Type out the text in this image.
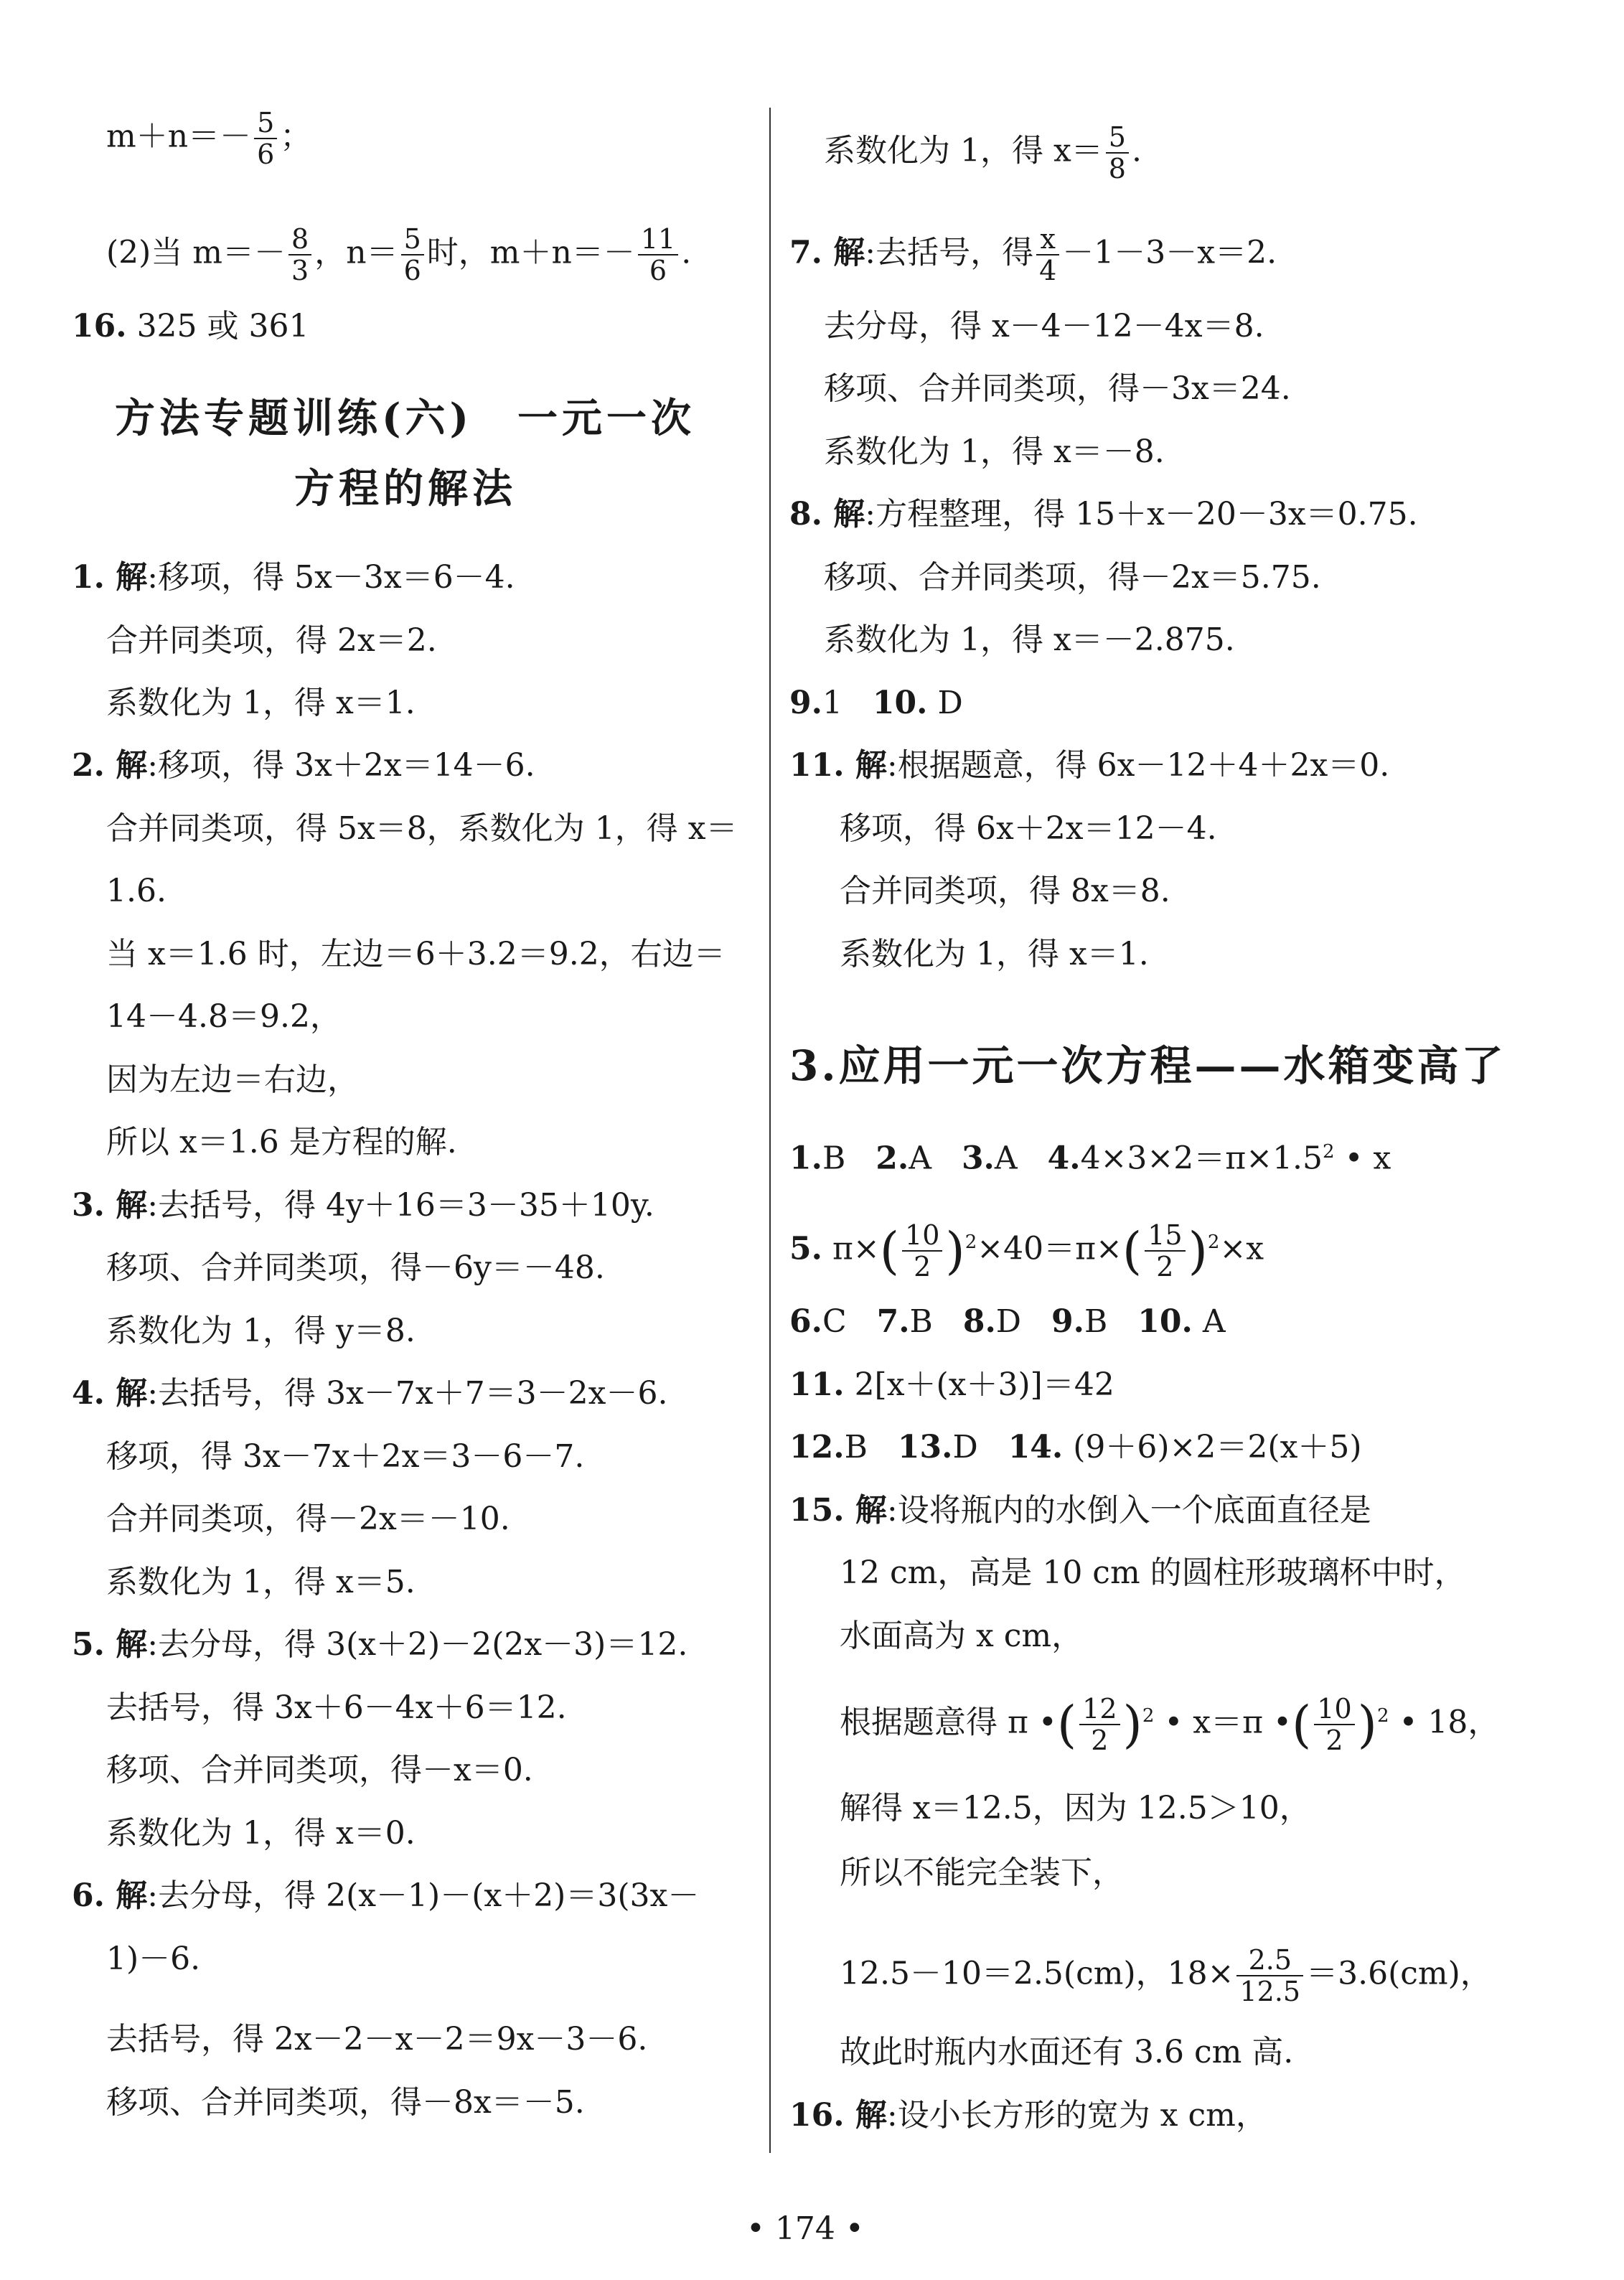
$m+n=- \frac{5}{6}$ ；
(2)当 $m=- \frac{8}{3}$ ，$n= \frac{5}{6}$ 时，$m+n=- \frac{11}{6}$ .
16. 325 或 361
方法专题训练(六)　一元一次
方程的解法
1. 解:移项，得 5x－3x＝6－4.
合并同类项，得 2x＝2.
系数化为 1，得 x＝1.
2. 解:移项，得 3x＋2x＝14－6.
合并同类项，得 5x＝8，系数化为 1，得 x＝
1.6.
当 x＝1.6 时，左边＝6＋3.2＝9.2，右边＝
14－4.8＝9.2，
因为左边＝右边，
所以 x＝1.6 是方程的解.
3. 解:去括号，得 4y＋16＝3－35＋10y.
移项、合并同类项，得－6y＝－48.
系数化为 1，得 y＝8.
4. 解:去括号，得 3x－7x＋7＝3－2x－6.
移项，得 3x－7x＋2x＝3－6－7.
合并同类项，得－2x＝－10.
系数化为 1，得 x＝5.
5. 解:去分母，得 3(x＋2)－2(2x－3)＝12.
去括号，得 3x＋6－4x＋6＝12.
移项、合并同类项，得－x＝0.
系数化为 1，得 x＝0.
6. 解:去分母，得 2(x－1)－(x＋2)＝3(3x－
1)－6.
去括号，得 2x－2－x－2＝9x－3－6.
移项、合并同类项，得－8x＝－5.
系数化为 1，得 $x= \frac{5}{8}$ .
7. 解:去括号，得 $\frac{x}{4} -1-3-x=2$.
去分母，得 x－4－12－4x＝8.
移项、合并同类项，得－3x＝24.
系数化为 1，得 x＝－8.
8. 解:方程整理，得 15＋x－20－3x＝0.75.
移项、合并同类项，得－2x＝5.75.
系数化为 1，得 x＝－2.875.
9.1 10. D
11. 解:根据题意，得 6x－12＋4＋2x＝0.
移项，得 6x＋2x＝12－4.
合并同类项，得 8x＝8.
系数化为 1，得 x＝1.
3.应用一元一次方程——水箱变高了
1.B 2.A 3.A $4.4\times 3\times 2=\pi\times 1.5^2$ • x
5. $\pi\times( \frac{10}{2} )^2\times 40=\pi\times( \frac{15}{2} )^2\times x$
6.C 7.B 8.D 9.B 10. A
11. 2[x＋(x＋3)]＝42
12.B 13.D 14. (9＋6)×2＝2(x＋5)
15. 解:设将瓶内的水倒入一个底面直径是
12 cm，高是 10 cm 的圆柱形玻璃杯中时，
水面高为 x cm，
根据题意得 π •( $\frac{12}{2} )^2$ • x＝π •( $\frac{10}{2} )^2$ • 18，
解得 x＝12.5，因为 12.5＞10，
所以不能完全装下，
12.5－10＝2.5(cm)，$18\times \frac{2.5}{12.5} =3.6(cm)$，
故此时瓶内水面还有 3.6 cm 高.
16. 解:设小长方形的宽为 x cm，
• 174 •
